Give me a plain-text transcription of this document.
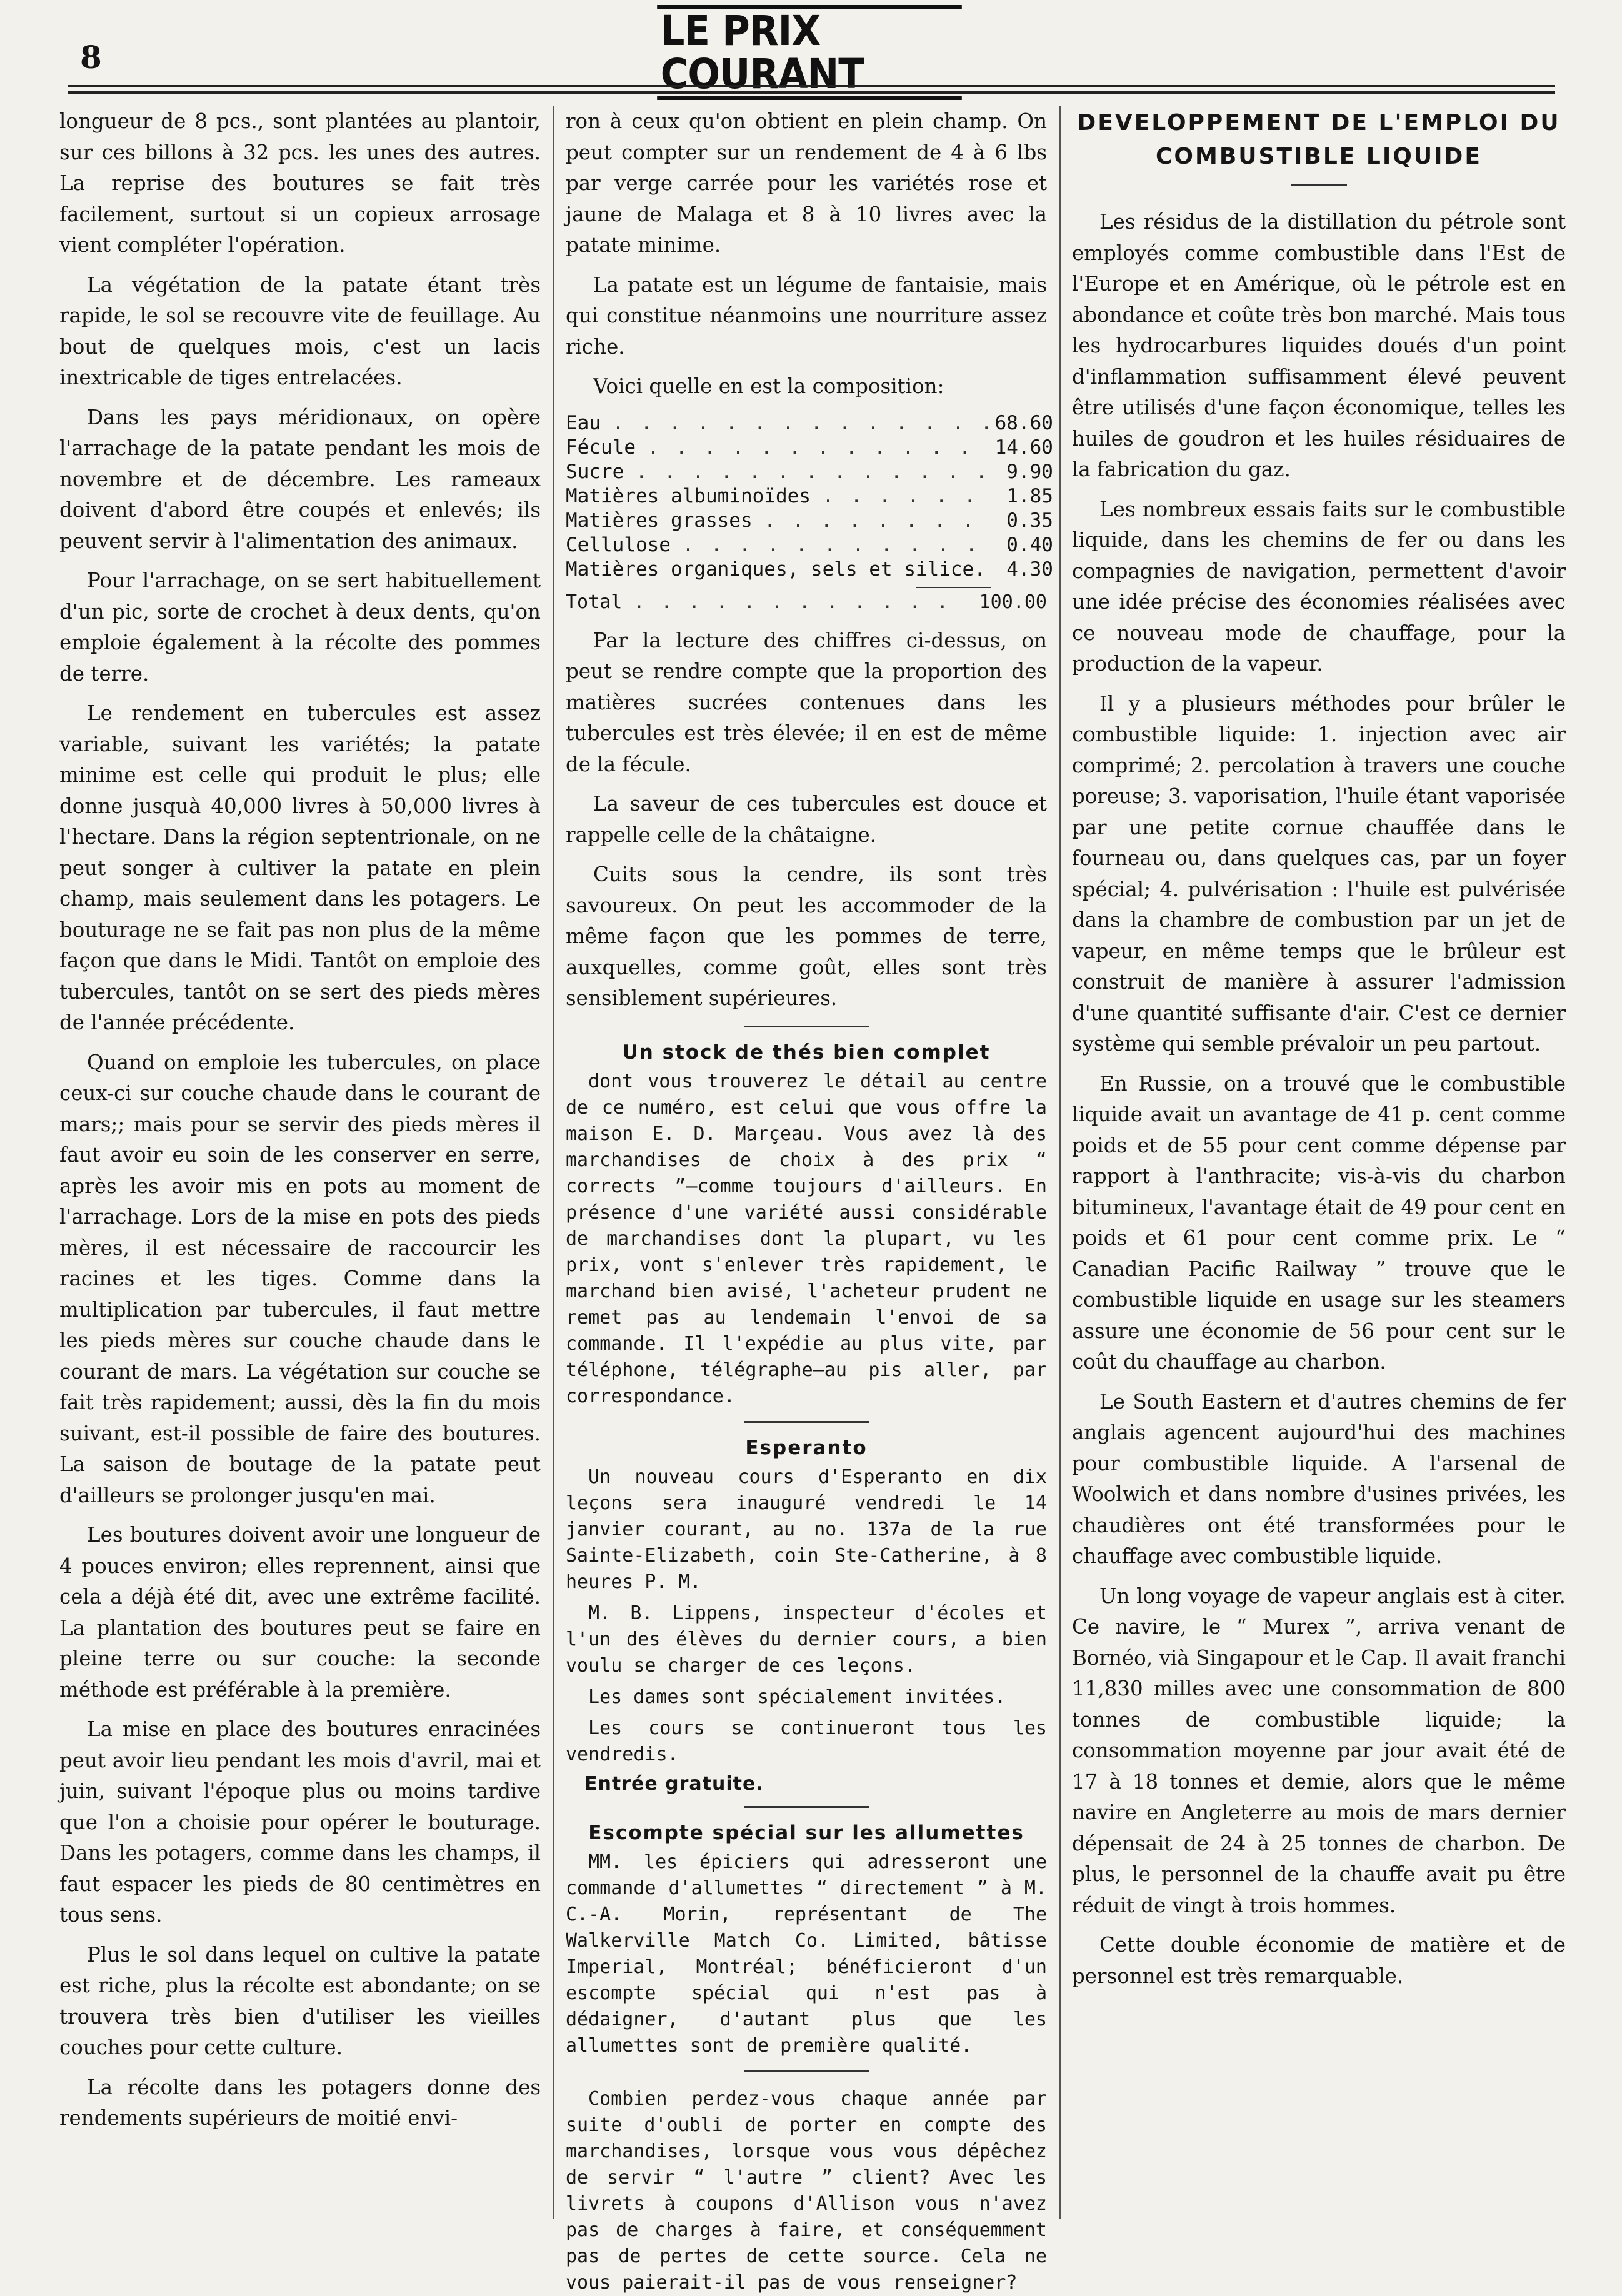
8
LE PRIX COURANT

longueur de 8 pcs., sont plantées au plantoir, sur ces billons à 32 pcs. les unes des autres. La reprise des boutures se fait très facilement, surtout si un copieux arrosage vient compléter l'opération.

La végétation de la patate étant très rapide, le sol se recouvre vite de feuillage. Au bout de quelques mois, c'est un lacis inextricable de tiges entrelacées.

Dans les pays méridionaux, on opère l'arrachage de la patate pendant les mois de novembre et de décembre. Les rameaux doivent d'abord être coupés et enlevés; ils peuvent servir à l'alimentation des animaux.

Pour l'arrachage, on se sert habituellement d'un pic, sorte de crochet à deux dents, qu'on emploie également à la récolte des pommes de terre.

Le rendement en tubercules est assez variable, suivant les variétés; la patate minime est celle qui produit le plus; elle donne jusquà 40,000 livres à 50,000 livres à l'hectare. Dans la région septentrionale, on ne peut songer à cultiver la patate en plein champ, mais seulement dans les potagers. Le bouturage ne se fait pas non plus de la même façon que dans le Midi. Tantôt on emploie des tubercules, tantôt on se sert des pieds mères de l'année précédente.

Quand on emploie les tubercules, on place ceux-ci sur couche chaude dans le courant de mars;; mais pour se servir des pieds mères il faut avoir eu soin de les conserver en serre, après les avoir mis en pots au moment de l'arrachage. Lors de la mise en pots des pieds mères, il est nécessaire de raccourcir les racines et les tiges. Comme dans la multiplication par tubercules, il faut mettre les pieds mères sur couche chaude dans le courant de mars. La végétation sur couche se fait très rapidement; aussi, dès la fin du mois suivant, est-il possible de faire des boutures. La saison de boutage de la patate peut d'ailleurs se prolonger jusqu'en mai.

Les boutures doivent avoir une longueur de 4 pouces environ; elles reprennent, ainsi que cela a déjà été dit, avec une extrême facilité. La plantation des boutures peut se faire en pleine terre ou sur couche: la seconde méthode est préférable à la première.

La mise en place des boutures enracinées peut avoir lieu pendant les mois d'avril, mai et juin, suivant l'époque plus ou moins tardive que l'on a choisie pour opérer le bouturage. Dans les potagers, comme dans les champs, il faut espacer les pieds de 80 centimètres en tous sens.

Plus le sol dans lequel on cultive la patate est riche, plus la récolte est abondante; on se trouvera très bien d'utiliser les vieilles couches pour cette culture.

La récolte dans les potagers donne des rendements supérieurs de moitié envi-

ron à ceux qu'on obtient en plein champ. On peut compter sur un rendement de 4 à 6 lbs par verge carrée pour les variétés rose et jaune de Malaga et 8 à 10 livres avec la patate minime.

La patate est un légume de fantaisie, mais qui constitue néanmoins une nourriture assez riche.

Voici quelle en est la composition:

Eau . . . . . . . . . . . . . .	68.60
Fécule . . . . . . . . . . . .	14.60
Sucre . . . . . . . . . . . . .	9.90
Matières albuminoïdes . . . . . .	1.85
Matières grasses . . . . . . . .	0.35
Cellulose . . . . . . . . . . .	0.40
Matières organiques, sels et silice.	4.30
Total . . . . . . . . . . . . 100.00

Par la lecture des chiffres ci-dessus, on peut se rendre compte que la proportion des matières sucrées contenues dans les tubercules est très élevée; il en est de même de la fécule.

La saveur de ces tubercules est douce et rappelle celle de la châtaigne.

Cuits sous la cendre, ils sont très savoureux. On peut les accommoder de la même façon que les pommes de terre, auxquelles, comme goût, elles sont très sensiblement supérieures.

Un stock de thés bien complet

dont vous trouverez le détail au centre de ce numéro, est celui que vous offre la maison E. D. Marçeau. Vous avez là des marchandises de choix à des prix “ corrects ”—comme toujours d'ailleurs. En présence d'une variété aussi considérable de marchandises dont la plupart, vu les prix, vont s'enlever très rapidement, le marchand bien avisé, l'acheteur prudent ne remet pas au lendemain l'envoi de sa commande. Il l'expédie au plus vite, par téléphone, télégraphe—au pis aller, par correspondance.

Esperanto

Un nouveau cours d'Esperanto en dix leçons sera inauguré vendredi le 14 janvier courant, au no. 137a de la rue Sainte-Elizabeth, coin Ste-Catherine, à 8 heures P. M.

M. B. Lippens, inspecteur d'écoles et l'un des élèves du dernier cours, a bien voulu se charger de ces leçons.

Les dames sont spécialement invitées.

Les cours se continueront tous les vendredis.

Entrée gratuite.
Escompte spécial sur les allumettes

MM. les épiciers qui adresseront une commande d'allumettes “ directement ” à M. C.-A. Morin, représentant de The Walkerville Match Co. Limited, bâtisse Imperial, Montréal; bénéficieront d'un escompte spécial qui n'est pas à dédaigner, d'autant plus que les allumettes sont de première qualité.

Combien perdez-vous chaque année par suite d'oubli de porter en compte des marchandises, lorsque vous vous dépêchez de servir “ l'autre ” client? Avec les livrets à coupons d'Allison vous n'avez pas de charges à faire, et conséquemment pas de pertes de cette source. Cela ne vous paierait-il pas de vous renseigner?

DEVELOPPEMENT DE L'EMPLOI DU COMBUSTIBLE LIQUIDE

Les résidus de la distillation du pétrole sont employés comme combustible dans l'Est de l'Europe et en Amérique, où le pétrole est en abondance et coûte très bon marché. Mais tous les hydrocarbures liquides doués d'un point d'inflammation suffisamment élevé peuvent être utilisés d'une façon économique, telles les huiles de goudron et les huiles résiduaires de la fabrication du gaz.

Les nombreux essais faits sur le combustible liquide, dans les chemins de fer ou dans les compagnies de navigation, permettent d'avoir une idée précise des économies réalisées avec ce nouveau mode de chauffage, pour la production de la vapeur.

Il y a plusieurs méthodes pour brûler le combustible liquide: 1. injection avec air comprimé; 2. percolation à travers une couche poreuse; 3. vaporisation, l'huile étant vaporisée par une petite cornue chauffée dans le fourneau ou, dans quelques cas, par un foyer spécial; 4. pulvérisation : l'huile est pulvérisée dans la chambre de combustion par un jet de vapeur, en même temps que le brûleur est construit de manière à assurer l'admission d'une quantité suffisante d'air. C'est ce dernier système qui semble prévaloir un peu partout.

En Russie, on a trouvé que le combustible liquide avait un avantage de 41 p. cent comme poids et de 55 pour cent comme dépense par rapport à l'anthracite; vis-à-vis du charbon bitumineux, l'avantage était de 49 pour cent en poids et 61 pour cent comme prix. Le “ Canadian Pacific Railway ” trouve que le combustible liquide en usage sur les steamers assure une économie de 56 pour cent sur le coût du chauffage au charbon.

Le South Eastern et d'autres chemins de fer anglais agencent aujourd'hui des machines pour combustible liquide. A l'arsenal de Woolwich et dans nombre d'usines privées, les chaudières ont été transformées pour le chauffage avec combustible liquide.

Un long voyage de vapeur anglais est à citer. Ce navire, le “ Murex ”, arriva venant de Bornéo, vià Singapour et le Cap. Il avait franchi 11,830 milles avec une consommation de 800 tonnes de combustible liquide; la consommation moyenne par jour avait été de 17 à 18 tonnes et demie, alors que le même navire en Angleterre au mois de mars dernier dépensait de 24 à 25 tonnes de charbon. De plus, le personnel de la chauffe avait pu être réduit de vingt à trois hommes.

Cette double économie de matière et de personnel est très remarquable.
